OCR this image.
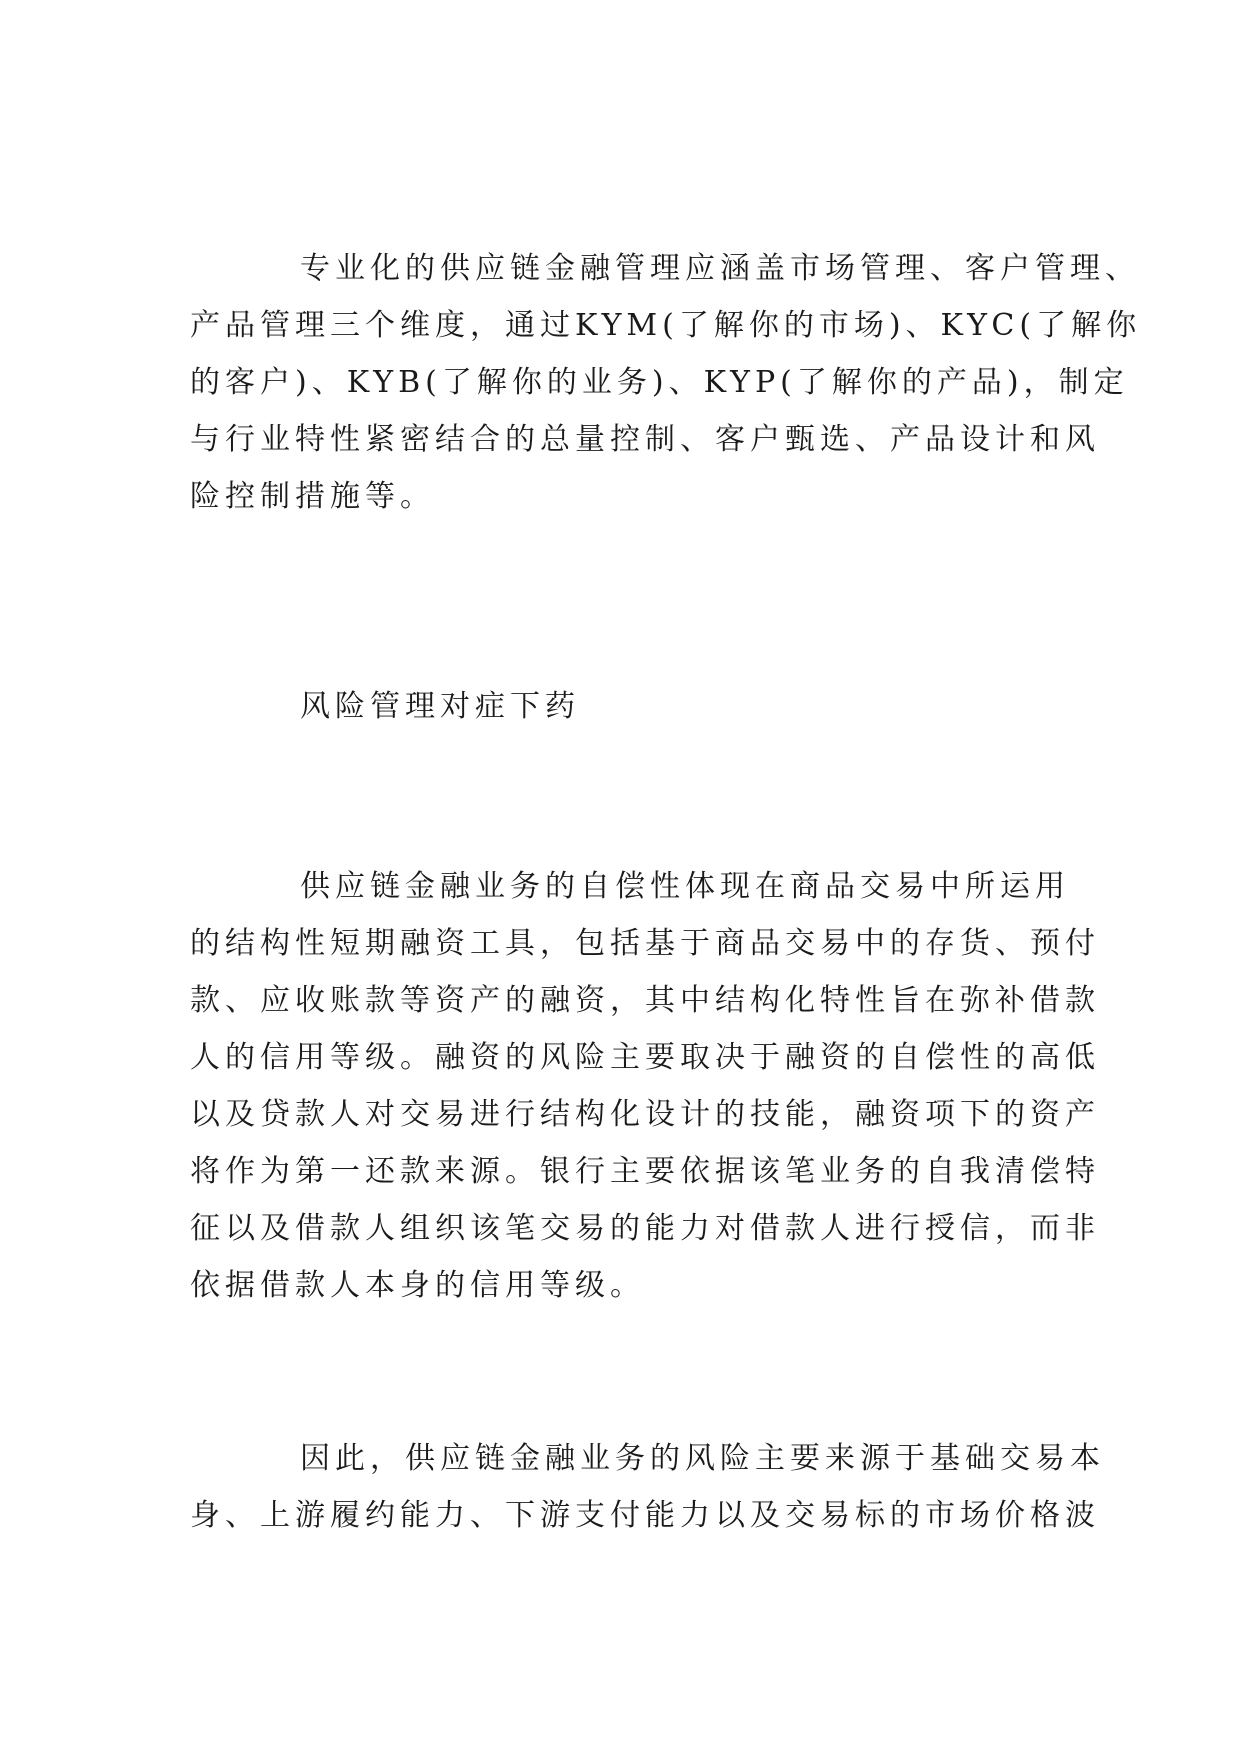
专业化的供应链金融管理应涵盖市场管理、客户管理、
产品管理三个维度，通过KYM(了解你的市场)、KYC(了解你
的客户)、KYB(了解你的业务)、KYP(了解你的产品)，制定
与行业特性紧密结合的总量控制、客户甄选、产品设计和风
险控制措施等。
风险管理对症下药
供应链金融业务的自偿性体现在商品交易中所运用
的结构性短期融资工具，包括基于商品交易中的存货、预付
款、应收账款等资产的融资，其中结构化特性旨在弥补借款
人的信用等级。融资的风险主要取决于融资的自偿性的高低
以及贷款人对交易进行结构化设计的技能，融资项下的资产
将作为第一还款来源。银行主要依据该笔业务的自我清偿特
征以及借款人组织该笔交易的能力对借款人进行授信，而非
依据借款人本身的信用等级。
因此，供应链金融业务的风险主要来源于基础交易本
身、上游履约能力、下游支付能力以及交易标的市场价格波
